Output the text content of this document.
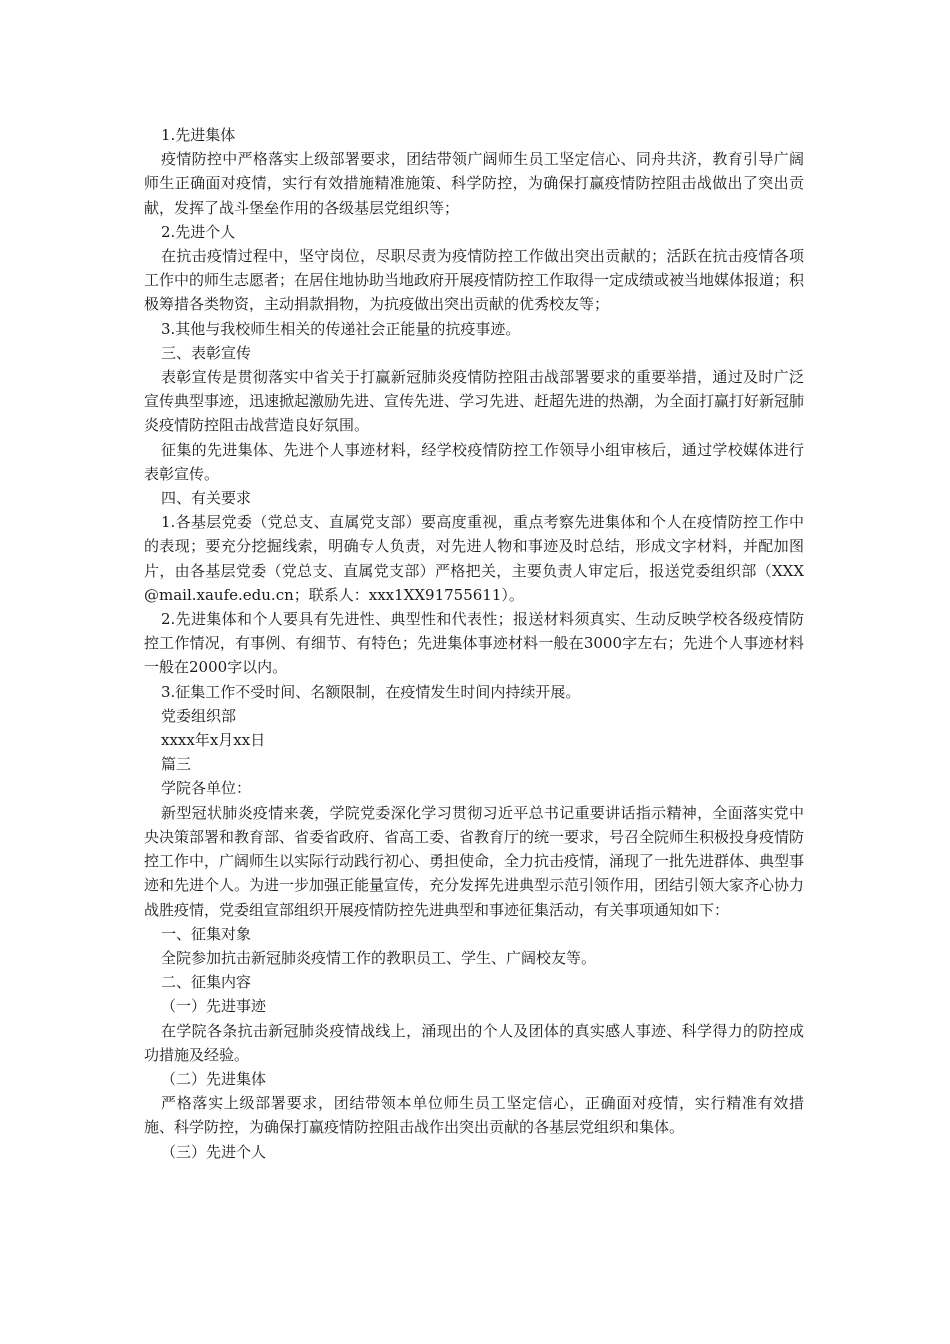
1.先进集体

疫情防控中严格落实上级部署要求，团结带领广阔师生员工坚定信心、同舟共济，教育引导广阔师生正确面对疫情，实行有效措施精准施策、科学防控，为确保打赢疫情防控阻击战做出了突出贡献，发挥了战斗堡垒作用的各级基层党组织等；

2.先进个人

在抗击疫情过程中，坚守岗位，尽职尽责为疫情防控工作做出突出贡献的；活跃在抗击疫情各项工作中的师生志愿者；在居住地协助当地政府开展疫情防控工作取得一定成绩或被当地媒体报道；积极筹措各类物资，主动捐款捐物，为抗疫做出突出贡献的优秀校友等；

3.其他与我校师生相关的传递社会正能量的抗疫事迹。

三、表彰宣传

表彰宣传是贯彻落实中省关于打赢新冠肺炎疫情防控阻击战部署要求的重要举措，通过及时广泛宣传典型事迹，迅速掀起激励先进、宣传先进、学习先进、赶超先进的热潮，为全面打赢打好新冠肺炎疫情防控阻击战营造良好氛围。

征集的先进集体、先进个人事迹材料，经学校疫情防控工作领导小组审核后，通过学校媒体进行表彰宣传。

四、有关要求

1.各基层党委（党总支、直属党支部）要高度重视，重点考察先进集体和个人在疫情防控工作中的表现；要充分挖掘线索，明确专人负责，对先进人物和事迹及时总结，形成文字材料，并配加图片，由各基层党委（党总支、直属党支部）严格把关，主要负责人审定后，报送党委组织部（XXX@mail.xaufe.edu.cn；联系人：xxx1XX91755611）。

2.先进集体和个人要具有先进性、典型性和代表性；报送材料须真实、生动反映学校各级疫情防控工作情况，有事例、有细节、有特色；先进集体事迹材料一般在3000字左右；先进个人事迹材料一般在2000字以内。

3.征集工作不受时间、名额限制，在疫情发生时间内持续开展。

党委组织部

xxxx年x月xx日

篇三

学院各单位：

新型冠状肺炎疫情来袭，学院党委深化学习贯彻习近平总书记重要讲话指示精神，全面落实党中央决策部署和教育部、省委省政府、省高工委、省教育厅的统一要求，号召全院师生积极投身疫情防控工作中，广阔师生以实际行动践行初心、勇担使命，全力抗击疫情，涌现了一批先进群体、典型事迹和先进个人。为进一步加强正能量宣传，充分发挥先进典型示范引领作用，团结引领大家齐心协力战胜疫情，党委组宣部组织开展疫情防控先进典型和事迹征集活动，有关事项通知如下：

一、征集对象

全院参加抗击新冠肺炎疫情工作的教职员工、学生、广阔校友等。

二、征集内容

（一）先进事迹

在学院各条抗击新冠肺炎疫情战线上，涌现出的个人及团体的真实感人事迹、科学得力的防控成功措施及经验。

（二）先进集体

严格落实上级部署要求，团结带领本单位师生员工坚定信心，正确面对疫情，实行精准有效措施、科学防控，为确保打赢疫情防控阻击战作出突出贡献的各基层党组织和集体。

（三）先进个人
